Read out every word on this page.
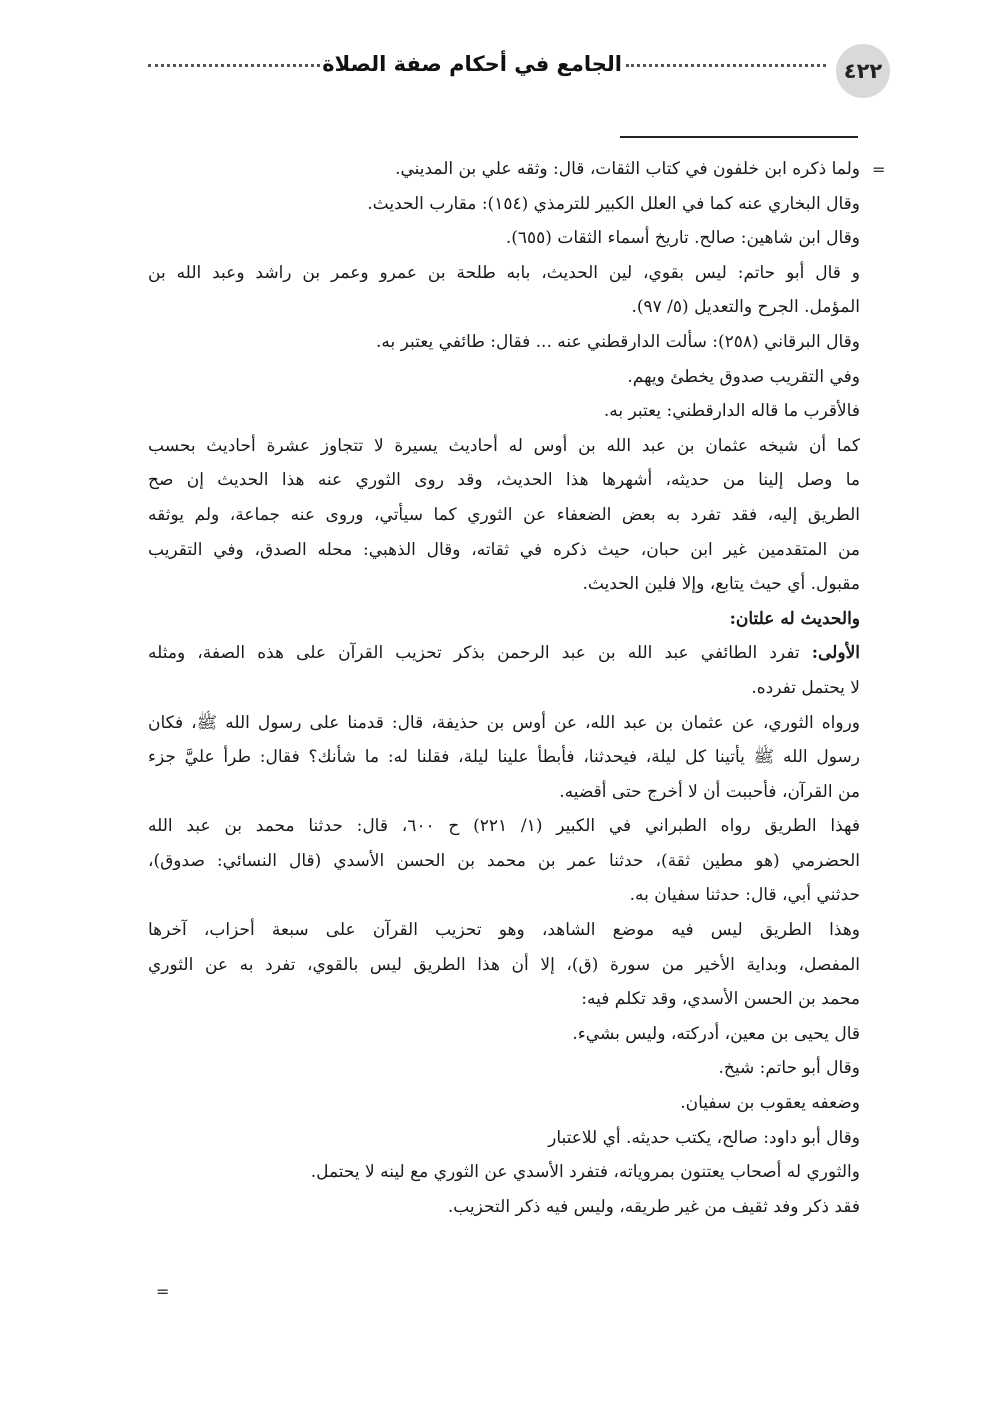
٤٢٢
الجامع في أحكام صفة الصلاة
=
=
ولما ذكره ابن خلفون في كتاب الثقات، قال: وثقه علي بن المديني.
وقال البخاري عنه كما في العلل الكبير للترمذي (١٥٤): مقارب الحديث.
وقال ابن شاهين: صالح. تاريخ أسماء الثقات (٦٥٥).
و قال أبو حاتم: ليس بقوي، لين الحديث، بابه طلحة بن عمرو وعمر بن راشد وعبد الله بن
المؤمل. الجرح والتعديل (٥/ ٩٧).
وقال البرقاني (٢٥٨): سألت الدارقطني عنه ... فقال: طائفي يعتبر به.
وفي التقريب صدوق يخطئ ويهم.
فالأقرب ما قاله الدارقطني: يعتبر به.
كما أن شيخه عثمان بن عبد الله بن أوس له أحاديث يسيرة لا تتجاوز عشرة أحاديث بحسب
ما وصل إلينا من حديثه، أشهرها هذا الحديث، وقد روى الثوري عنه هذا الحديث إن صح
الطريق إليه، فقد تفرد به بعض الضعفاء عن الثوري كما سيأتي، وروى عنه جماعة، ولم يوثقه
من المتقدمين غير ابن حبان، حيث ذكره في ثقاته، وقال الذهبي: محله الصدق، وفي التقريب
مقبول. أي حيث يتابع، وإلا فلين الحديث.
والحديث له علتان:
الأولى: تفرد الطائفي عبد الله بن عبد الرحمن بذكر تحزيب القرآن على هذه الصفة، ومثله
لا يحتمل تفرده.
ورواه الثوري، عن عثمان بن عبد الله، عن أوس بن حذيفة، قال: قدمنا على رسول الله ﷺ، فكان
رسول الله ﷺ يأتينا كل ليلة، فيحدثنا، فأبطأ علينا ليلة، فقلنا له: ما شأنك؟ فقال: طرأ عليَّ جزء
من القرآن، فأحببت أن لا أخرج حتى أقضيه.
فهذا الطريق رواه الطبراني في الكبير (١/ ٢٢١) ح ٦٠٠، قال: حدثنا محمد بن عبد الله
الحضرمي (هو مطين ثقة)، حدثنا عمر بن محمد بن الحسن الأسدي (قال النسائي: صدوق)،
حدثني أبي، قال: حدثنا سفيان به.
وهذا الطريق ليس فيه موضع الشاهد، وهو تحزيب القرآن على سبعة أحزاب، آخرها
المفصل، وبداية الأخير من سورة (ق)، إلا أن هذا الطريق ليس بالقوي، تفرد به عن الثوري
محمد بن الحسن الأسدي، وقد تكلم فيه:
قال يحيى بن معين، أدركته، وليس بشيء.
وقال أبو حاتم: شيخ.
وضعفه يعقوب بن سفيان.
وقال أبو داود: صالح، يكتب حديثه. أي للاعتبار
والثوري له أصحاب يعتنون بمروياته، فتفرد الأسدي عن الثوري مع لينه لا يحتمل.
فقد ذكر وفد ثقيف من غير طريقه، وليس فيه ذكر التحزيب.
